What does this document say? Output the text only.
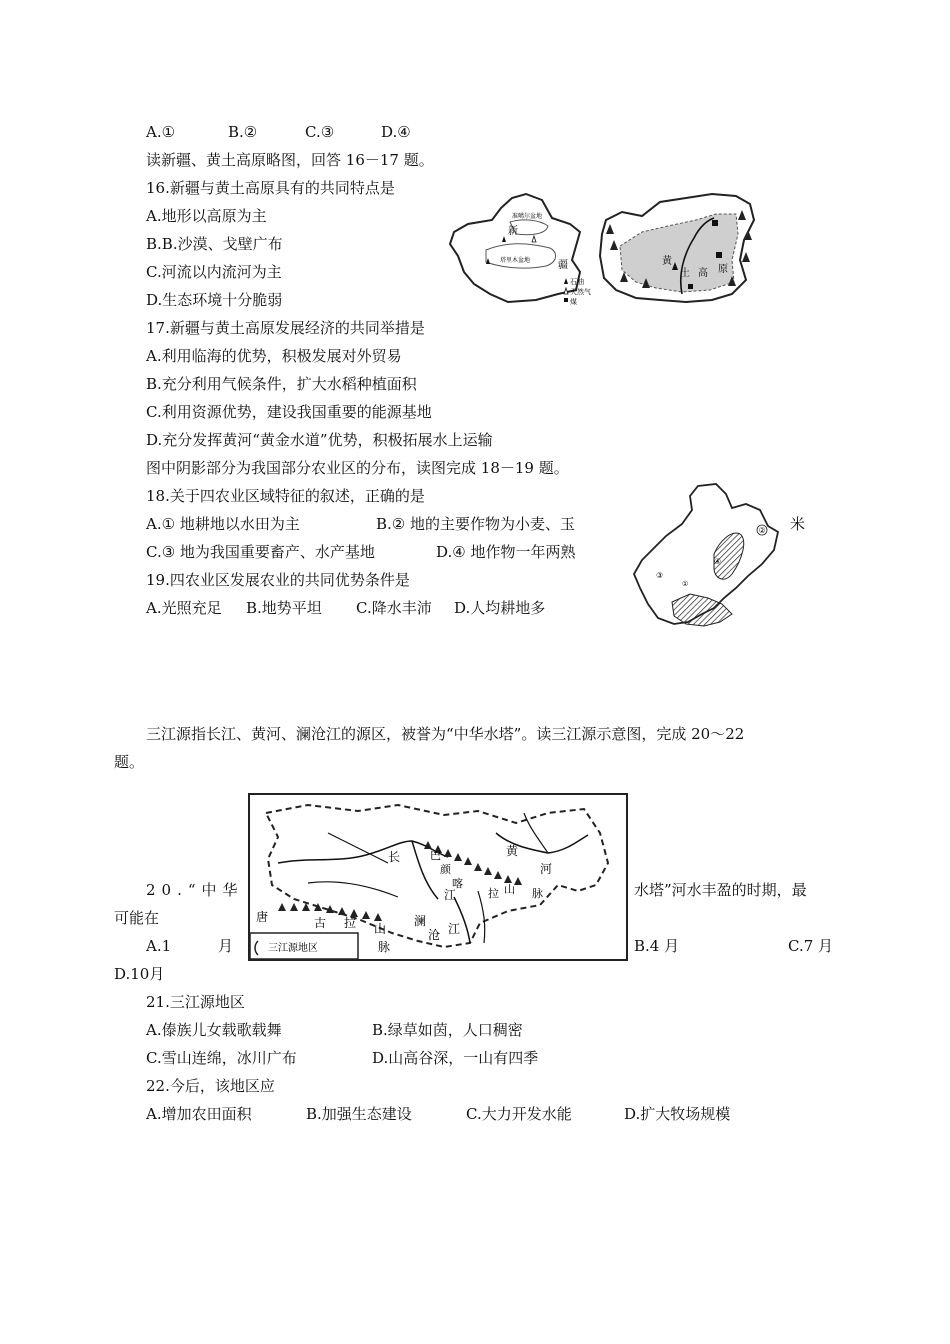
A.①	B.②	C.③	D.④
读新疆、黄土高原略图，回答 16－17 题。
16.新疆与黄土高原具有的共同特点是
A.地形以高原为主
B.B.沙漠、戈壁广布
C.河流以内流河为主
D.生态环境十分脆弱
17.新疆与黄土高原发展经济的共同举措是
A.利用临海的优势，积极发展对外贸易
B.充分利用气候条件，扩大水稻种植面积
C.利用资源优势，建设我国重要的能源基地
D.充分发挥黄河“黄金水道”优势，积极拓展水上运输
图中阴影部分为我国部分农业区的分布，读图完成 18－19 题。
18.关于四农业区域特征的叙述，正确的是
A.① 地耕地以水田为主	B.② 地的主要作物为小麦、玉	米
C.③ 地为我国重要畜产、水产基地	D.④ 地作物一年两熟
19.四农业区发展农业的共同优势条件是
A.光照充足 B.地势平坦 C.降水丰沛 D.人均耕地多
三江源指长江、黄河、澜沧江的源区，被誉为“中华水塔”。读三江源示意图，完成 20～22
题。
20.“中华	水塔”河水丰盈的时期，最
可能在
A.1	月	B.4 月	C.7 月
D.10月
21.三江源地区
A.傣族儿女载歌载舞	B.绿草如茵，人口稠密
C.雪山连绵，冰川广布	D.山高谷深，一山有四季
22.今后，该地区应
A.增加农田面积	B.加强生态建设	C.大力开发水能	D.扩大牧场规模
准噶尔盆地
新
疆
塔里木盆地
石油
天然气
煤
黄
土 高 原
②
④
③
①
长
江
巴
颜
喀
拉 山 脉
黄
河
唐	古 拉 山
脉
澜
沧 江
三江源地区
